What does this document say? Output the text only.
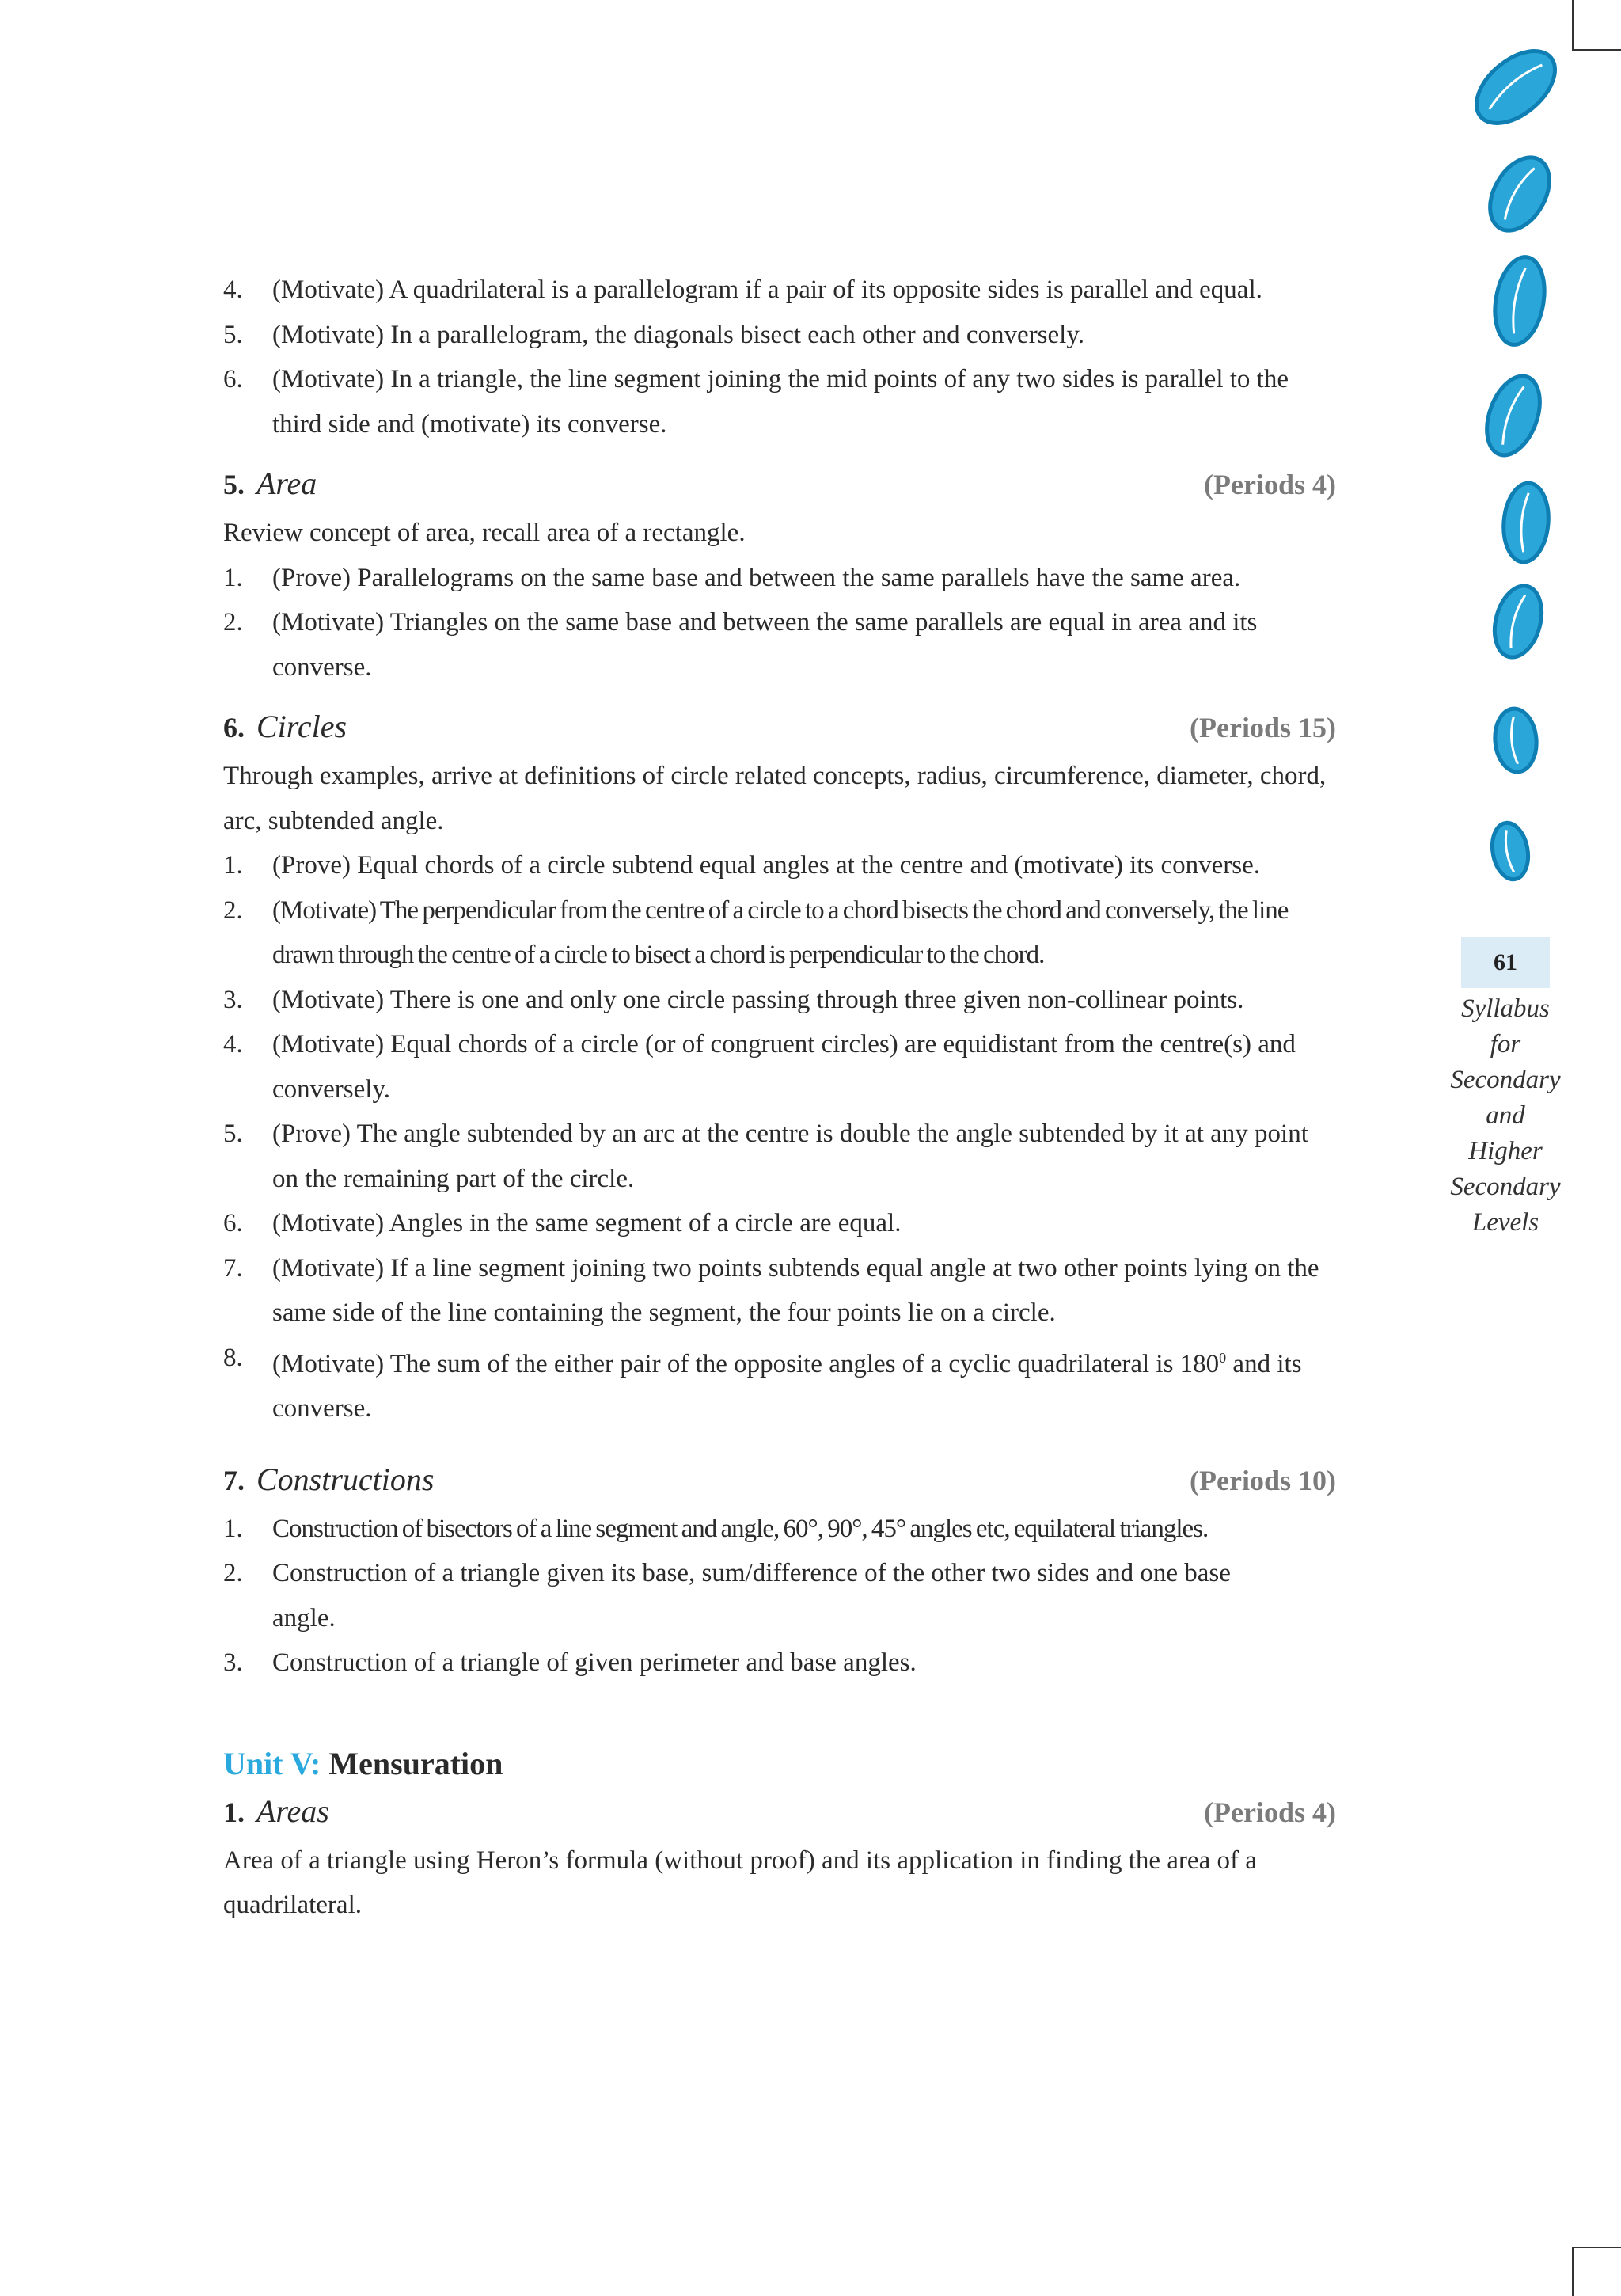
61
Syllabus
for
Secondary
and
Higher
Secondary
Levels
4.	(Motivate) A quadrilateral is a parallelogram if a pair of its opposite sides is parallel and equal.
5.	(Motivate) In a parallelogram, the diagonals bisect each other and conversely.
6.	(Motivate) In a triangle, the line segment joining the mid points of any two sides is parallel to the third side and (motivate) its converse.
5. Area	(Periods 4)
Review concept of area, recall area of a rectangle.
1.	(Prove) Parallelograms on the same base and between the same parallels have the same area.
2.	(Motivate) Triangles on the same base and between the same parallels are equal in area and its converse.
6. Circles	(Periods 15)
Through examples, arrive at definitions of circle related concepts, radius, circumference, diameter, chord, arc, subtended angle.
1.	(Prove) Equal chords of a circle subtend equal angles at the centre and (motivate) its converse.
2.	(Motivate) The perpendicular from the centre of a circle to a chord bisects the chord and conversely, the line drawn through the centre of a circle to bisect a chord is perpendicular to the chord.
3.	(Motivate) There is one and only one circle passing through three given non-collinear points.
4.	(Motivate) Equal chords of a circle (or of congruent circles) are equidistant from the centre(s) and conversely.
5.	(Prove) The angle subtended by an arc at the centre is double the angle subtended by it at any point on the remaining part of the circle.
6.	(Motivate) Angles in the same segment of a circle are equal.
7.	(Motivate) If a line segment joining two points subtends equal angle at two other points lying on the same side of the line containing the segment, the four points lie on a circle.
8.	(Motivate) The sum of the either pair of the opposite angles of a cyclic quadrilateral is $180^0$ and its converse.
7. Constructions	(Periods 10)
1.	Construction of bisectors of a line segment and angle, 60°, 90°, 45° angles etc, equilateral triangles.
2.	Construction of a triangle given its base, sum/difference of the other two sides and one base angle.
3.	Construction of a triangle of given perimeter and base angles.
Unit V: Mensuration
1. Areas	(Periods 4)
Area of a triangle using Heron’s formula (without proof) and its application in finding the area of a quadrilateral.
